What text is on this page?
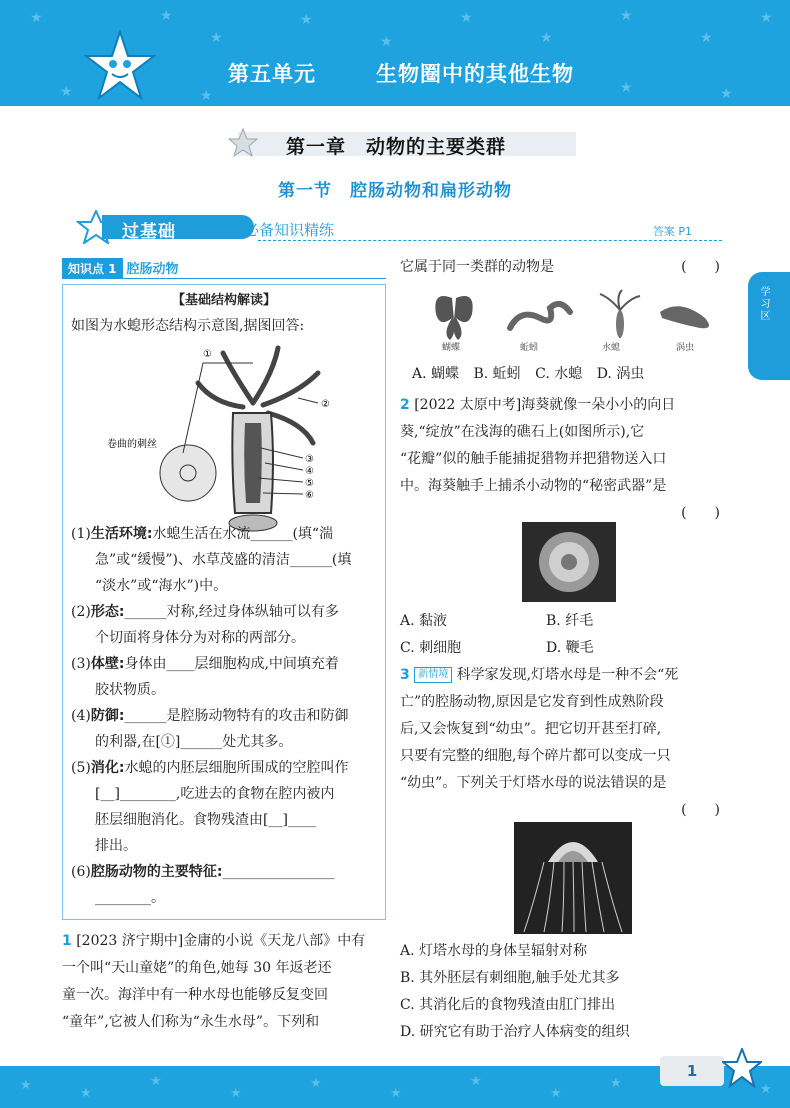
★	★
★
★
★
★
★
★
★
★
★	★	★	★
第五单元	生物圈中的其他生物
第一章　动物的主要类群
第一节　腔肠动物和扁形动物
过基础	教材必备知识精练	答案 P1
学习区
知识点 1 腔肠动物
【基础结构解读】
如图为水螅形态结构示意图,据图回答:
①
②
③
④
⑤
⑥
卷曲的刺丝

(1)生活环境:水螅生活在水流______(填“湍

急”或“缓慢”)、水草茂盛的清洁______(填

“淡水”或“海水”)中。

(2)形态:______对称,经过身体纵轴可以有多

个切面将身体分为对称的两部分。

(3)体壁:身体由____层细胞构成,中间填充着

胶状物质。

(4)防御:______是腔肠动物特有的攻击和防御

的利器,在[①]______处尤其多。

(5)消化:水螅的内胚层细胞所围成的空腔叫作

[__]________,吃进去的食物在腔内被内

胚层细胞消化。食物残渣由[__]____

排出。

(6)腔肠动物的主要特征:________________

________。

1 [2023 济宁期中]金庸的小说《天龙八部》中有
一个叫“天山童姥”的角色,她每 30 年返老还
童一次。海洋中有一种水母也能够反复变回
“童年”,它被人们称为“永生水母”。下列和

它属于同一类群的动物是	(　　)

蝴蝶	蚯蚓	水螅	涡虫
A. 蝴蝶 B. 蚯蚓 C. 水螅 D. 涡虫

2 [2022 太原中考]海葵就像一朵小小的向日

葵,“绽放”在浅海的礁石上(如图所示),它

“花瓣”似的触手能捕捉猎物并把猎物送入口

中。海葵触手上捕杀小动物的“秘密武器”是

(　　)

A. 黏液	B. 纤毛

C. 刺细胞	D. 鞭毛

3 新情境 科学家发现,灯塔水母是一种不会“死

亡”的腔肠动物,原因是它发育到性成熟阶段

后,又会恢复到“幼虫”。把它切开甚至打碎,

只要有完整的细胞,每个碎片都可以变成一只

“幼虫”。下列关于灯塔水母的说法错误的是

(　　)

A. 灯塔水母的身体呈辐射对称

B. 其外胚层有刺细胞,触手处尤其多

C. 其消化后的食物残渣由肛门排出

D. 研究它有助于治疗人体病变的组织

★
★
★
★
★
★
★
★
★	★
1
